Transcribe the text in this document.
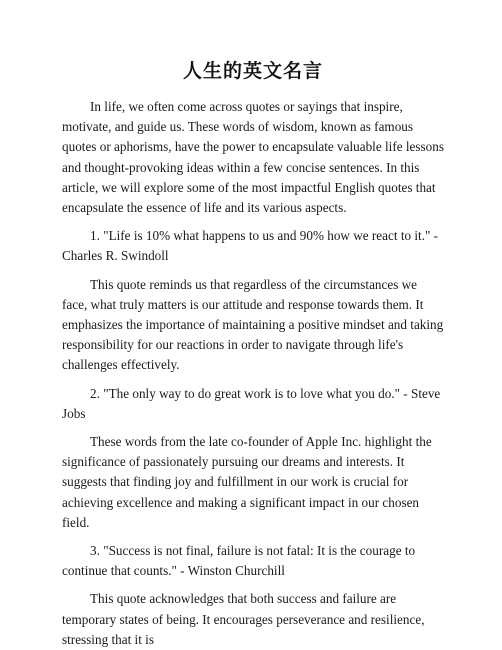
人生的英文名言

In life, we often come across quotes or sayings that inspire, motivate, and guide us. These words of wisdom, known as famous quotes or aphorisms, have the power to encapsulate valuable life lessons and thought-provoking ideas within a few concise sentences. In this article, we will explore some of the most impactful English quotes that encapsulate the essence of life and its various aspects.

1. "Life is 10% what happens to us and 90% how we react to it." - Charles R. Swindoll

This quote reminds us that regardless of the circumstances we face, what truly matters is our attitude and response towards them. It emphasizes the importance of maintaining a positive mindset and taking responsibility for our reactions in order to navigate through life's challenges effectively.

2. "The only way to do great work is to love what you do." - Steve Jobs

These words from the late co-founder of Apple Inc. highlight the significance of passionately pursuing our dreams and interests. It suggests that finding joy and fulfillment in our work is crucial for achieving excellence and making a significant impact in our chosen field.

3. "Success is not final, failure is not fatal: It is the courage to continue that counts." - Winston Churchill

This quote acknowledges that both success and failure are temporary states of being. It encourages perseverance and resilience, stressing that it is
